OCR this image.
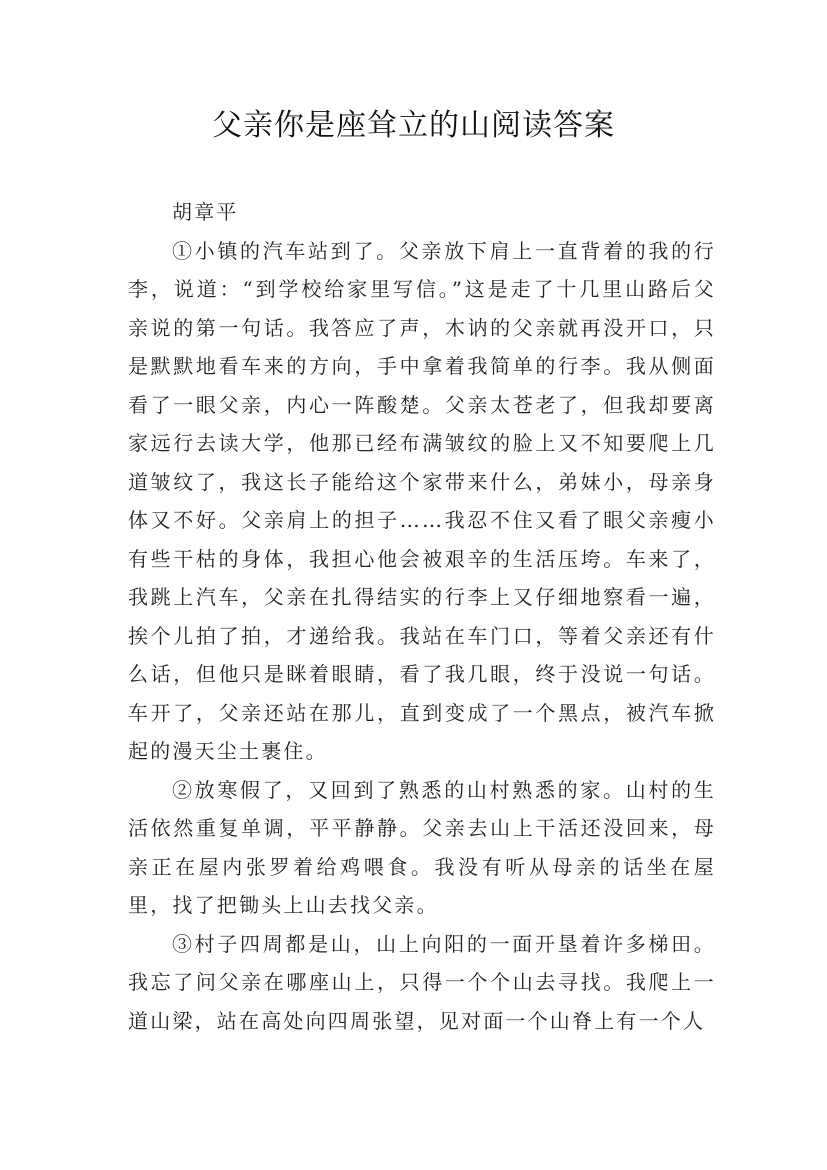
父亲你是座耸立的山阅读答案

胡章平

①小镇的汽车站到了。父亲放下肩上一直背着的我的行李，说道：“到学校给家里写信。”这是走了十几里山路后父亲说的第一句话。我答应了声，木讷的父亲就再没开口，只是默默地看车来的方向，手中拿着我简单的行李。我从侧面看了一眼父亲，内心一阵酸楚。父亲太苍老了，但我却要离家远行去读大学，他那已经布满皱纹的脸上又不知要爬上几道皱纹了，我这长子能给这个家带来什么，弟妹小，母亲身体又不好。父亲肩上的担子……我忍不住又看了眼父亲瘦小有些干枯的身体，我担心他会被艰辛的生活压垮。车来了，我跳上汽车，父亲在扎得结实的行李上又仔细地察看一遍，挨个儿拍了拍，才递给我。我站在车门口，等着父亲还有什么话，但他只是眯着眼睛，看了我几眼，终于没说一句话。车开了，父亲还站在那儿，直到变成了一个黑点，被汽车掀起的漫天尘土裹住。

②放寒假了，又回到了熟悉的山村熟悉的家。山村的生活依然重复单调，平平静静。父亲去山上干活还没回来，母亲正在屋内张罗着给鸡喂食。我没有听从母亲的话坐在屋里，找了把锄头上山去找父亲。

③村子四周都是山，山上向阳的一面开垦着许多梯田。我忘了问父亲在哪座山上，只得一个个山去寻找。我爬上一道山梁，站在高处向四周张望，见对面一个山脊上有一个人
